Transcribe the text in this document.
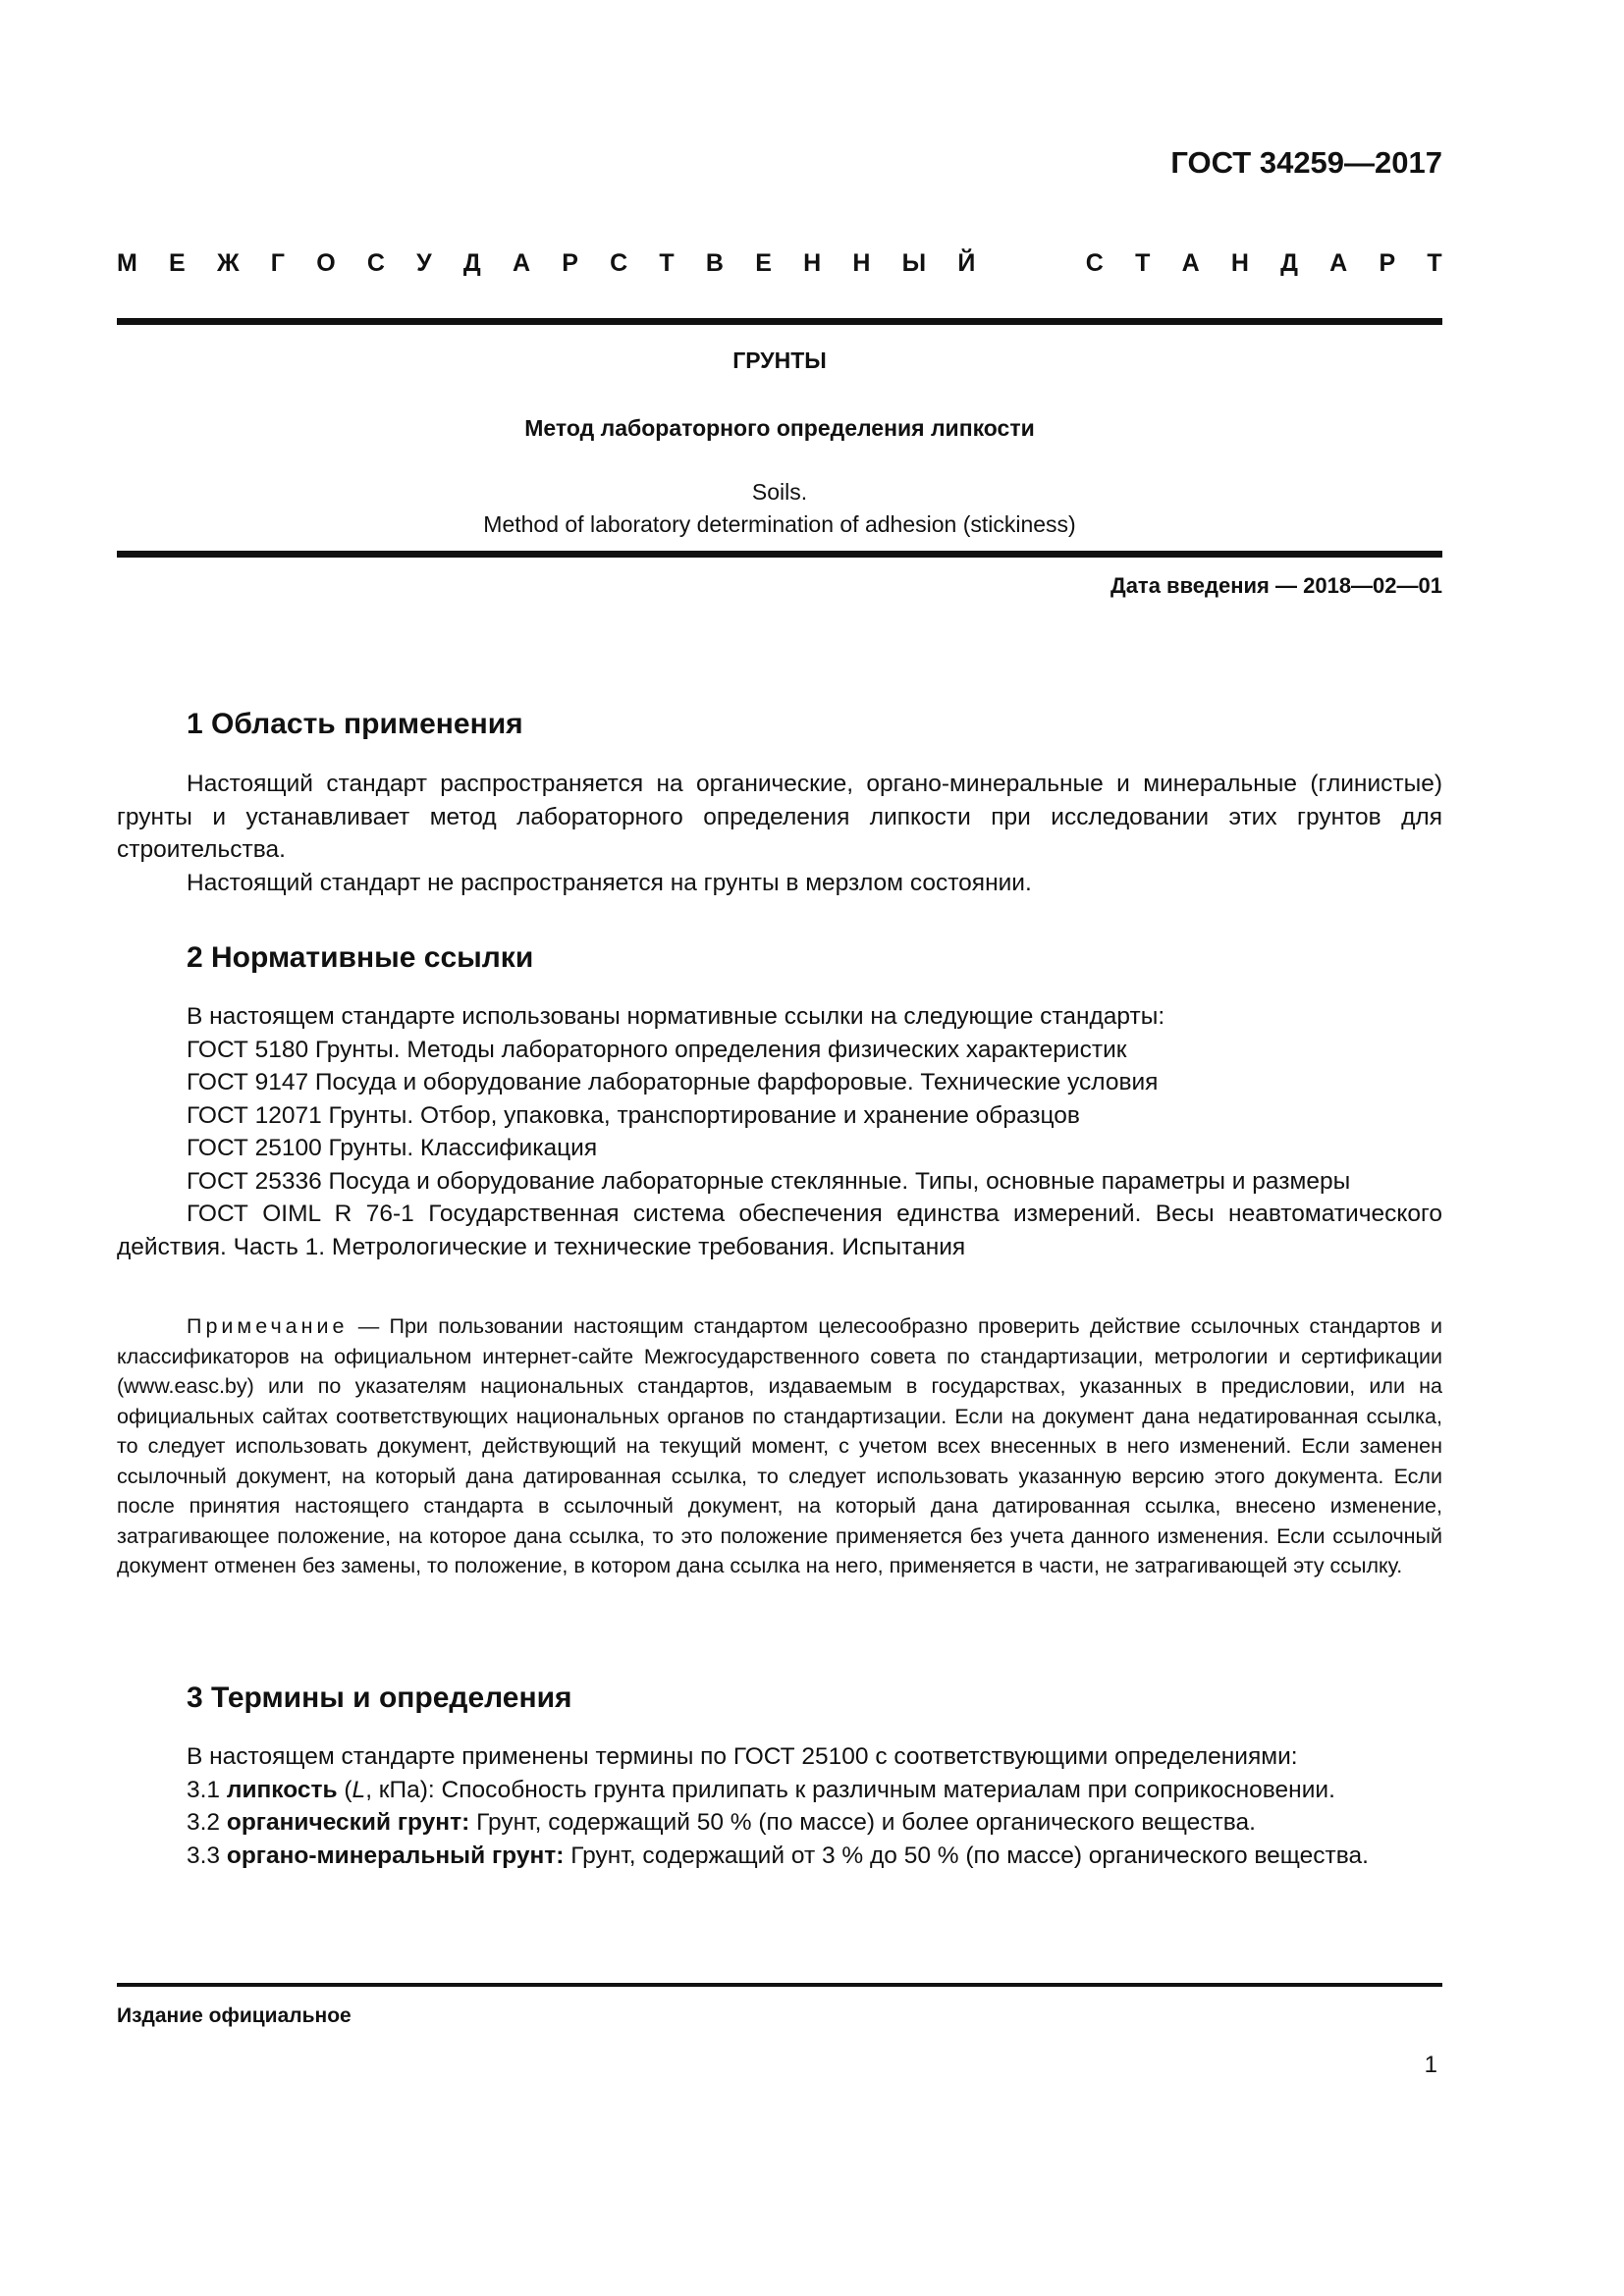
ГОСТ 34259—2017
М Е Ж Г О С У Д А Р С Т В Е Н Н Ы Й	С Т А Н Д А Р Т
ГРУНТЫ
Метод лабораторного определения липкости
Soils.
Method of laboratory determination of adhesion (stickiness)
Дата введения — 2018—02—01
1 Область применения

Настоящий стандарт распространяется на органические, органо-минеральные и минеральные (глинистые) грунты и устанавливает метод лабораторного определения липкости при исследовании этих грунтов для строительства.

Настоящий стандарт не распространяется на грунты в мерзлом состоянии.

2 Нормативные ссылки

В настоящем стандарте использованы нормативные ссылки на следующие стандарты:

ГОСТ 5180 Грунты. Методы лабораторного определения физических характеристик

ГОСТ 9147 Посуда и оборудование лабораторные фарфоровые. Технические условия

ГОСТ 12071 Грунты. Отбор, упаковка, транспортирование и хранение образцов

ГОСТ 25100 Грунты. Классификация

ГОСТ 25336 Посуда и оборудование лабораторные стеклянные. Типы, основные параметры и размеры

ГОСТ OIML R 76-1 Государственная система обеспечения единства измерений. Весы неавтоматического действия. Часть 1. Метрологические и технические требования. Испытания

Примечание — При пользовании настоящим стандартом целесообразно проверить действие ссылочных стандартов и классификаторов на официальном интернет-сайте Межгосударственного совета по стандартизации, метрологии и сертификации (www.easc.by) или по указателям национальных стандартов, издаваемым в государствах, указанных в предисловии, или на официальных сайтах соответствующих национальных органов по стандартизации. Если на документ дана недатированная ссылка, то следует использовать документ, действующий на текущий момент, с учетом всех внесенных в него изменений. Если заменен ссылочный документ, на который дана датированная ссылка, то следует использовать указанную версию этого документа. Если после принятия настоящего стандарта в ссылочный документ, на который дана датированная ссылка, внесено изменение, затрагивающее положение, на которое дана ссылка, то это положение применяется без учета данного изменения. Если ссылочный документ отменен без замены, то положение, в котором дана ссылка на него, применяется в части, не затрагивающей эту ссылку.

3 Термины и определения

В настоящем стандарте применены термины по ГОСТ 25100 с соответствующими определениями:

3.1 липкость (L, кПа): Способность грунта прилипать к различным материалам при соприкосновении.

3.2 органический грунт: Грунт, содержащий 50 % (по массе) и более органического вещества.

3.3 органо-минеральный грунт: Грунт, содержащий от 3 % до 50 % (по массе) органического вещества.

Издание официальное
1
